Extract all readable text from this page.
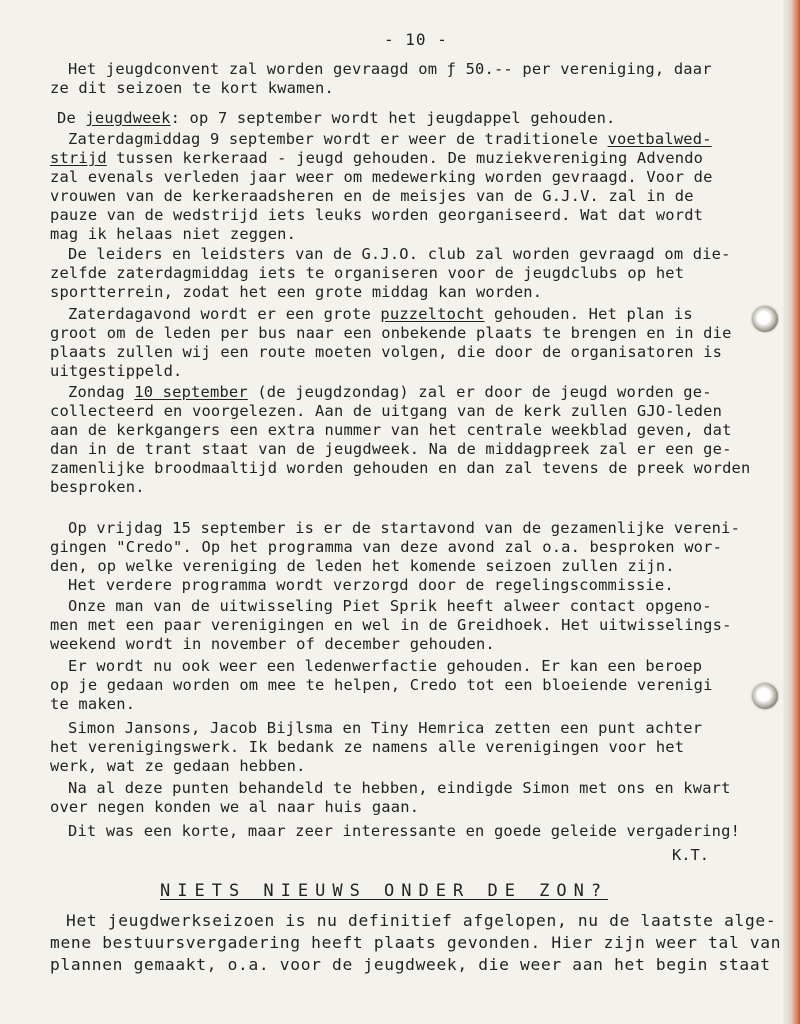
- 10 -
Het jeugdconvent zal worden gevraagd om ƒ 50.-- per vereniging, daar
ze dit seizoen te kort kwamen.
De jeugdweek: op 7 september wordt het jeugdappel gehouden.
Zaterdagmiddag 9 september wordt er weer de traditionele voetbalwed-
strijd tussen kerkeraad - jeugd gehouden. De muziekvereniging Advendo
zal evenals verleden jaar weer om medewerking worden gevraagd. Voor de
vrouwen van de kerkeraadsheren en de meisjes van de G.J.V. zal in de
pauze van de wedstrijd iets leuks worden georganiseerd. Wat dat wordt
mag ik helaas niet zeggen.
De leiders en leidsters van de G.J.O. club zal worden gevraagd om die-
zelfde zaterdagmiddag iets te organiseren voor de jeugdclubs op het
sportterrein, zodat het een grote middag kan worden.
Zaterdagavond wordt er een grote puzzeltocht gehouden. Het plan is
groot om de leden per bus naar een onbekende plaats te brengen en in die
plaats zullen wij een route moeten volgen, die door de organisatoren is
uitgestippeld.
Zondag 10 september (de jeugdzondag) zal er door de jeugd worden ge-
collecteerd en voorgelezen. Aan de uitgang van de kerk zullen GJO-leden
aan de kerkgangers een extra nummer van het centrale weekblad geven, dat
dan in de trant staat van de jeugdweek. Na de middagpreek zal er een ge-
zamenlijke broodmaaltijd worden gehouden en dan zal tevens de preek worden
besproken.
Op vrijdag 15 september is er de startavond van de gezamenlijke vereni-
gingen "Credo". Op het programma van deze avond zal o.a. besproken wor-
den, op welke vereniging de leden het komende seizoen zullen zijn.
Het verdere programma wordt verzorgd door de regelingscommissie.
Onze man van de uitwisseling Piet Sprik heeft alweer contact opgeno-
men met een paar verenigingen en wel in de Greidhoek. Het uitwisselings-
weekend wordt in november of december gehouden.
Er wordt nu ook weer een ledenwerfactie gehouden. Er kan een beroep
op je gedaan worden om mee te helpen, Credo tot een bloeiende verenigi
te maken.
Simon Jansons, Jacob Bijlsma en Tiny Hemrica zetten een punt achter
het verenigingswerk. Ik bedank ze namens alle verenigingen voor het
werk, wat ze gedaan hebben.
Na al deze punten behandeld te hebben, eindigde Simon met ons en kwart
over negen konden we al naar huis gaan.
Dit was een korte, maar zeer interessante en goede geleide vergadering!
K.T.
NIETS NIEUWS ONDER DE ZON?
Het jeugdwerkseizoen is nu definitief afgelopen, nu de laatste alge-
mene bestuursvergadering heeft plaats gevonden. Hier zijn weer tal van
plannen gemaakt, o.a. voor de jeugdweek, die weer aan het begin staat
